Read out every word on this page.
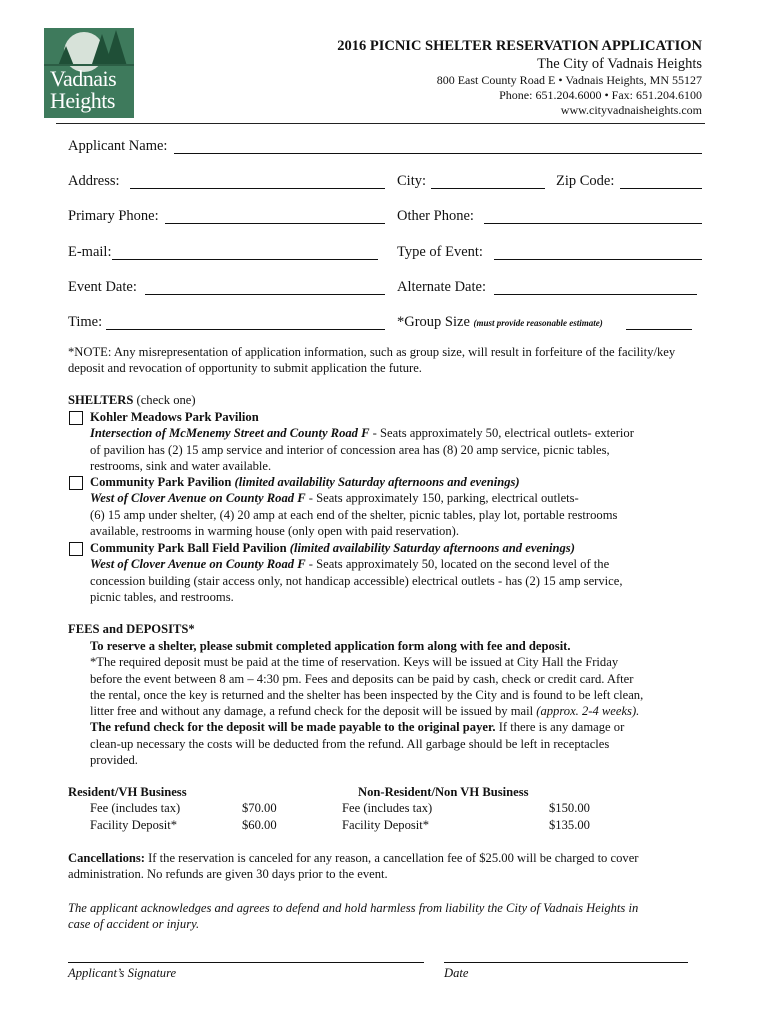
Vadnais
Heights
2016 PICNIC SHELTER RESERVATION APPLICATION
The City of Vadnais Heights
800 East County Road E • Vadnais Heights, MN 55127
Phone: 651.204.6000 • Fax: 651.204.6100
www.cityvadnaisheights.com
Applicant Name:
Address:	City:	Zip Code:
Primary Phone:	Other Phone:
E-mail:	Type of Event:
Event Date:	Alternate Date:
Time:	*Group Size (must provide reasonable estimate)
*NOTE: Any misrepresentation of application information, such as group size, will result in forfeiture of the facility/key deposit and revocation of opportunity to submit application the future.
SHELTERS (check one)
Kohler Meadows Park Pavilion
Intersection of McMenemy Street and County Road F - Seats approximately 50, electrical outlets- exterior
of pavilion has (2) 15 amp service and interior of concession area has (8) 20 amp service, picnic tables,
restrooms, sink and water available.
Community Park Pavilion (limited availability Saturday afternoons and evenings)
West of Clover Avenue on County Road F - Seats approximately 150, parking, electrical outlets-
(6) 15 amp under shelter, (4) 20 amp at each end of the shelter, picnic tables, play lot, portable restrooms
available, restrooms in warming house (only open with paid reservation).
Community Park Ball Field Pavilion (limited availability Saturday afternoons and evenings)
West of Clover Avenue on County Road F - Seats approximately 50, located on the second level of the
concession building (stair access only, not handicap accessible) electrical outlets - has (2) 15 amp service,
picnic tables, and restrooms.
FEES and DEPOSITS*
To reserve a shelter, please submit completed application form along with fee and deposit.
*The required deposit must be paid at the time of reservation. Keys will be issued at City Hall the Friday
before the event between 8 am – 4:30 pm. Fees and deposits can be paid by cash, check or credit card. After
the rental, once the key is returned and the shelter has been inspected by the City and is found to be left clean,
litter free and without any damage, a refund check for the deposit will be issued by mail (approx. 2-4 weeks).
The refund check for the deposit will be made payable to the original payer. If there is any damage or
clean-up necessary the costs will be deducted from the refund. All garbage should be left in receptacles
provided.
Resident/VH Business
Fee (includes tax)	$70.00
Facility Deposit*	$60.00
Non-Resident/Non VH Business
Fee (includes tax)	$150.00
Facility Deposit*	$135.00
Cancellations: If the reservation is canceled for any reason, a cancellation fee of $25.00 will be charged to cover
administration. No refunds are given 30 days prior to the event.
The applicant acknowledges and agrees to defend and hold harmless from liability the City of Vadnais Heights in
case of accident or injury.
Applicant’s Signature	Date
